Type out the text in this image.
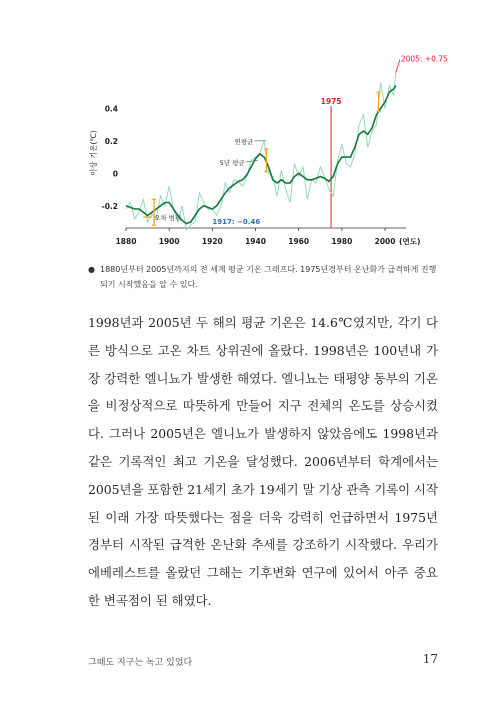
1880	1900	1920	1940	1960	1980	2000 (연도)
0.4
0.2
0
-0.2
이상 기온(℃)
1975
오차 범위	1917: −0.46
연평균
5년 평균
2005: +0.75
● 1880년부터 2005년까지의 전 세계 평균 기온 그래프다. 1975년경부터 온난화가 급격하게 진행되기 시작했음을 알 수 있다.
1998년과 2005년 두 해의 평균 기온은 14.6℃였지만, 각기 다른 방식으로 고온 차트 상위권에 올랐다. 1998년은 100년내 가장 강력한 엘니뇨가 발생한 해였다. 엘니뇨는 태평양 동부의 기온을 비정상적으로 따뜻하게 만들어 지구 전체의 온도를 상승시켰다. 그러나 2005년은 엘니뇨가 발생하지 않았음에도 1998년과 같은 기록적인 최고 기온을 달성했다. 2006년부터 학계에서는 2005년을 포함한 21세기 초가 19세기 말 기상 관측 기록이 시작된 이래 가장 따뜻했다는 점을 더욱 강력히 언급하면서 1975년경부터 시작된 급격한 온난화 추세를 강조하기 시작했다. 우리가 에베레스트를 올랐던 그해는 기후변화 연구에 있어서 아주 중요한 변곡점이 된 해였다.
그때도 지구는 녹고 있었다	17
